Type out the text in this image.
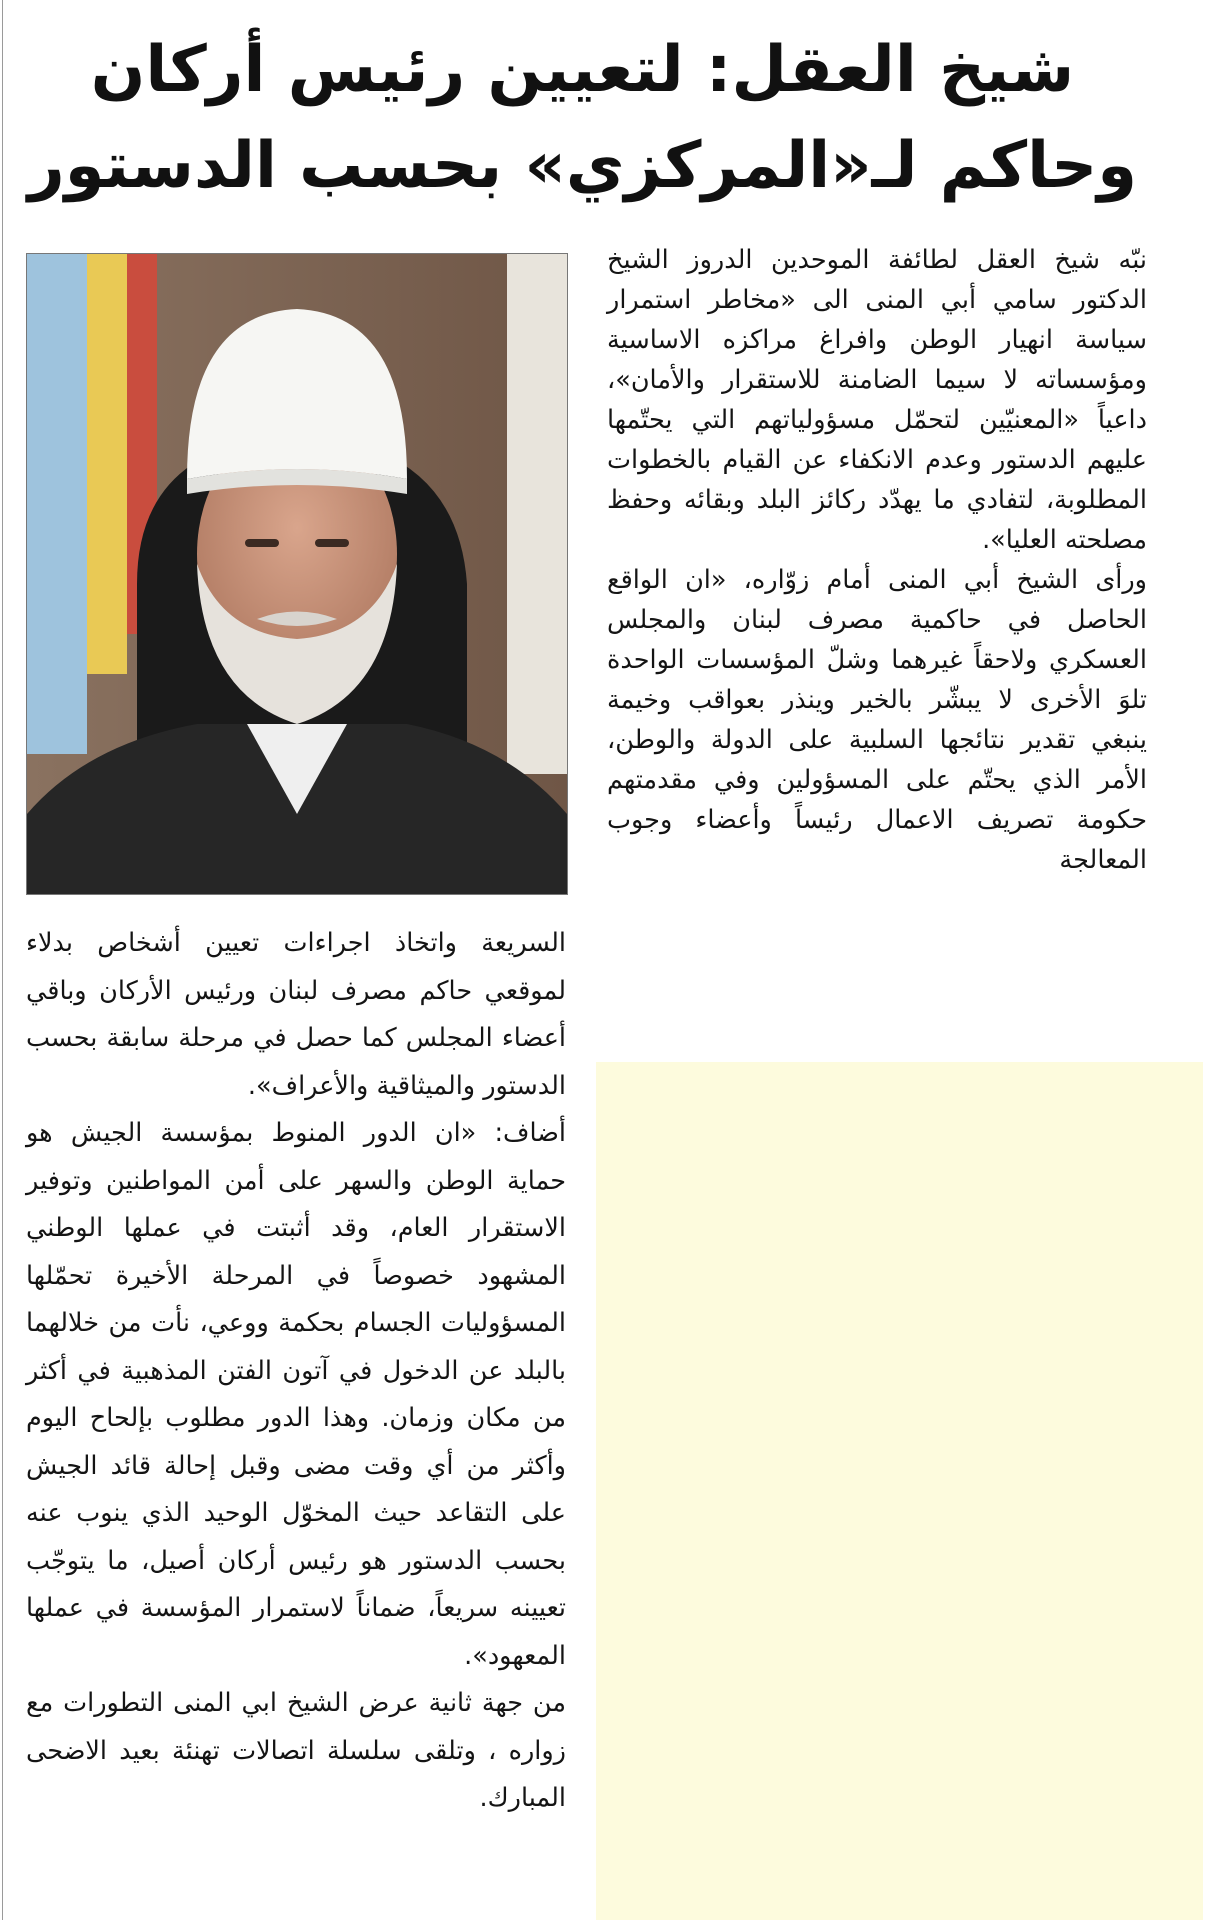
شيخ العقل: لتعيين رئيس أركان
وحاكم لـ«المركزي» بحسب الدستور

نبّه شيخ العقل لطائفة الموحدين الدروز الشيخ الدكتور سامي أبي المنى الى «مخاطر استمرار سياسة انهيار الوطن وافراغ مراكزه الاساسية ومؤسساته لا سيما الضامنة للاستقرار والأمان»، داعياً «المعنيّين لتحمّل مسؤولياتهم التي يحتّمها عليهم الدستور وعدم الانكفاء عن القيام بالخطوات المطلوبة، لتفادي ما يهدّد ركائز البلد وبقائه وحفظ مصلحته العليا».

ورأى الشيخ أبي المنى أمام زوّاره، «ان الواقع الحاصل في حاكمية مصرف لبنان والمجلس العسكري ولاحقاً غيرهما وشلّ المؤسسات الواحدة تلوَ الأخرى لا يبشّر بالخير وينذر بعواقب وخيمة ينبغي تقدير نتائجها السلبية على الدولة والوطن، الأمر الذي يحتّم على المسؤولين وفي مقدمتهم حكومة تصريف الاعمال رئيساً وأعضاء وجوب المعالجة

السريعة واتخاذ اجراءات تعيين أشخاص بدلاء لموقعي حاكم مصرف لبنان ورئيس الأركان وباقي أعضاء المجلس كما حصل في مرحلة سابقة بحسب الدستور والميثاقية والأعراف».

أضاف: «ان الدور المنوط بمؤسسة الجيش هو حماية الوطن والسهر على أمن المواطنين وتوفير الاستقرار العام، وقد أثبتت في عملها الوطني المشهود خصوصاً في المرحلة الأخيرة تحمّلها المسؤوليات الجسام بحكمة ووعي، نأت من خلالهما بالبلد عن الدخول في آتون الفتن المذهبية في أكثر من مكان وزمان. وهذا الدور مطلوب بإلحاح اليوم وأكثر من أي وقت مضى وقبل إحالة قائد الجيش على التقاعد حيث المخوّل الوحيد الذي ينوب عنه بحسب الدستور هو رئيس أركان أصيل، ما يتوجّب تعيينه سريعاً، ضماناً لاستمرار المؤسسة في عملها المعهود».

من جهة ثانية عرض الشيخ ابي المنى التطورات مع زواره ، وتلقى سلسلة اتصالات تهنئة بعيد الاضحى المبارك.
